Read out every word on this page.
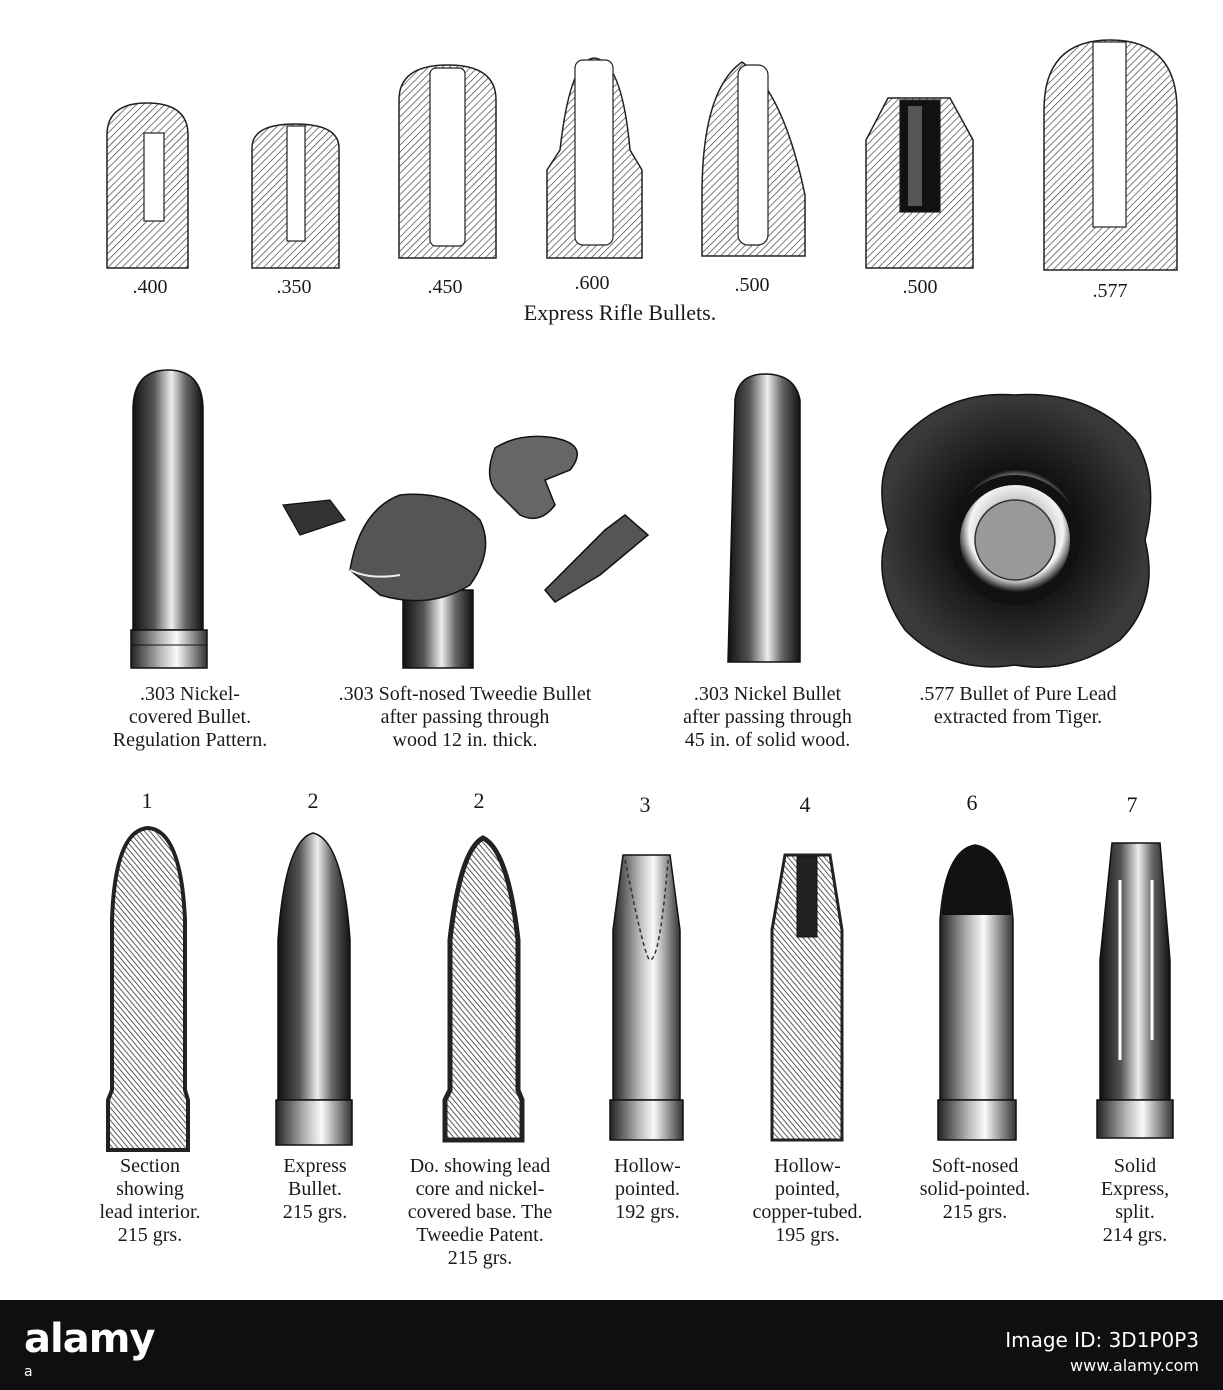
.400	.350	.450	.600	.500	.500	.577
Express Rifle Bullets.
.303 Nickel-
covered Bullet.
Regulation Pattern.
.303 Soft-nosed Tweedie Bullet
after passing through
wood 12 in. thick.
.303 Nickel Bullet
after passing through
45 in. of solid wood.
.577 Bullet of Pure Lead
extracted from Tiger.
1	2	2	3	4	6	7
Section
showing
lead interior.
215 grs.
Express
Bullet.
215 grs.
Do. showing lead
core and nickel-
covered base. The
Tweedie Patent.
215 grs.
Hollow-
pointed.
192 grs.
Hollow-
pointed,
copper-tubed.
195 grs.
Soft-nosed
solid-pointed.
215 grs.
Solid
Express,
split.
214 grs.
alamy
a
Image ID: 3D1P0P3
www.alamy.com
